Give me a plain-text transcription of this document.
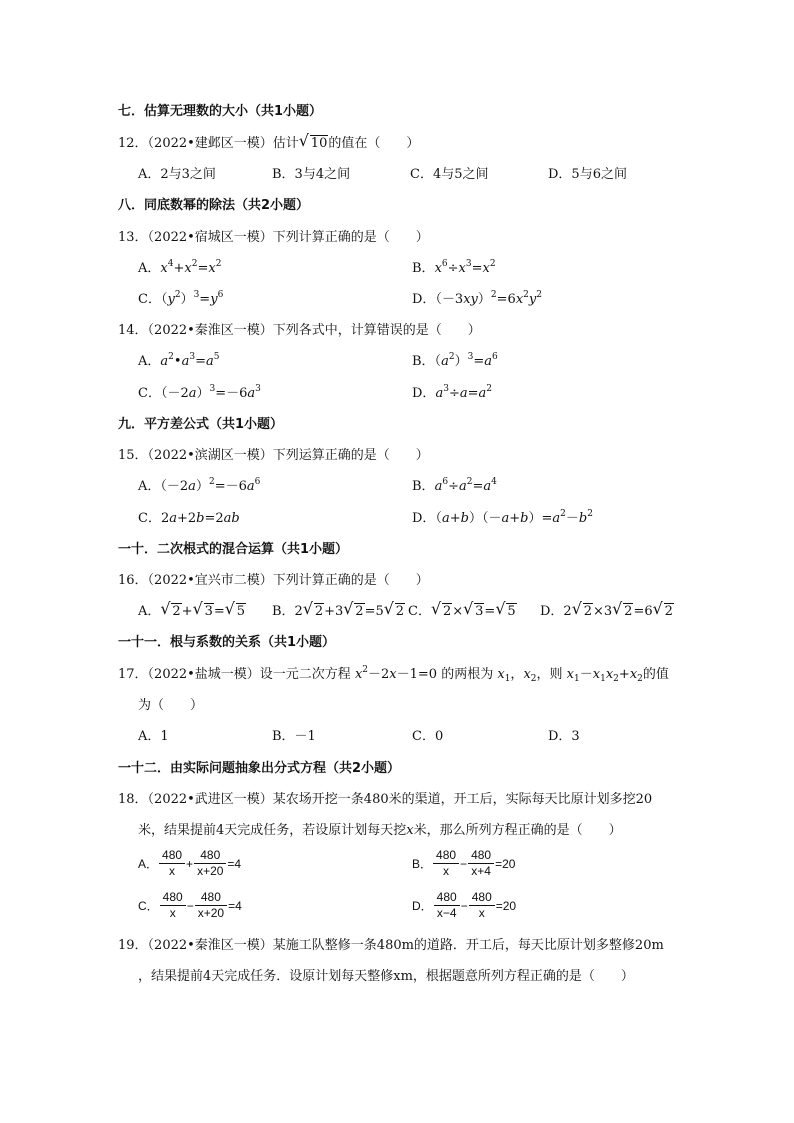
七．估算无理数的大小（共1小题）
12．（2022•建邺区一模）估计 √ 10的值在（　　）
A．2与3之间	B．3与4之间	C．4与5之间	D．5与6之间
八．同底数幂的除法（共2小题）
13．（2022•宿城区一模）下列计算正确的是（　　）
A．$x^4+x^2=x^2$	B．$x^6\div x^3=x^2$
C．$(y^2)^3=y^6$	D．$(-3xy)^2=6x^2y^2$
14．（2022•秦淮区一模）下列各式中，计算错误的是（　　）
A．$a^2•a^3=a^5$	B．$(a^2)^3=a^6$
C．$(-2a)^3=-6a^3$	D．$a^3\div a=a^2$
九．平方差公式（共1小题）
15．（2022•滨湖区一模）下列运算正确的是（　　）
A．$(-2a)^2=-6a^6$	B．$a^6\div a^2=a^4$
C．2a+2b=2ab	D．$(a+b)(-a+b)=a^2-b^2$
一十．二次根式的混合运算（共1小题）
16．（2022•宜兴市二模）下列计算正确的是（　　）
A． √ 2+ √ 3= √ 5 B．2 √ 2+3 √ 2=5 √ 2 C． √ 2× √ 3= √ 5 D．2 √ 2×3 √ 2=6 √ 2
一十一．根与系数的关系（共1小题）
17．（2022•盐城一模）设一元二次方程 $x^2-2x-1=0$ 的两根为 $x_1$，$x_2$，则 $x_1-x_1x_2+x_2$的值
为（　　）
A．1	B．－1	C．0	D．3
一十二．由实际问题抽象出分式方程（共2小题）
18．（2022•武进区一模）某农场开挖一条480米的渠道，开工后，实际每天比原计划多挖20
米，结果提前4天完成任务，若设原计划每天挖x米，那么所列方程正确的是（　　）
A． $\frac{480}{x} + \frac{480}{x+20} =4$	B． $\frac{480}{x} - \frac{480}{x+4} =20$
C． $\frac{480}{x} - \frac{480}{x+20} =4$	D． $\frac{480}{x-4} - \frac{480}{x} =20$
19．（2022•秦淮区一模）某施工队整修一条480m的道路．开工后，每天比原计划多整修20m
，结果提前4天完成任务．设原计划每天整修xm，根据题意所列方程正确的是（　　）
